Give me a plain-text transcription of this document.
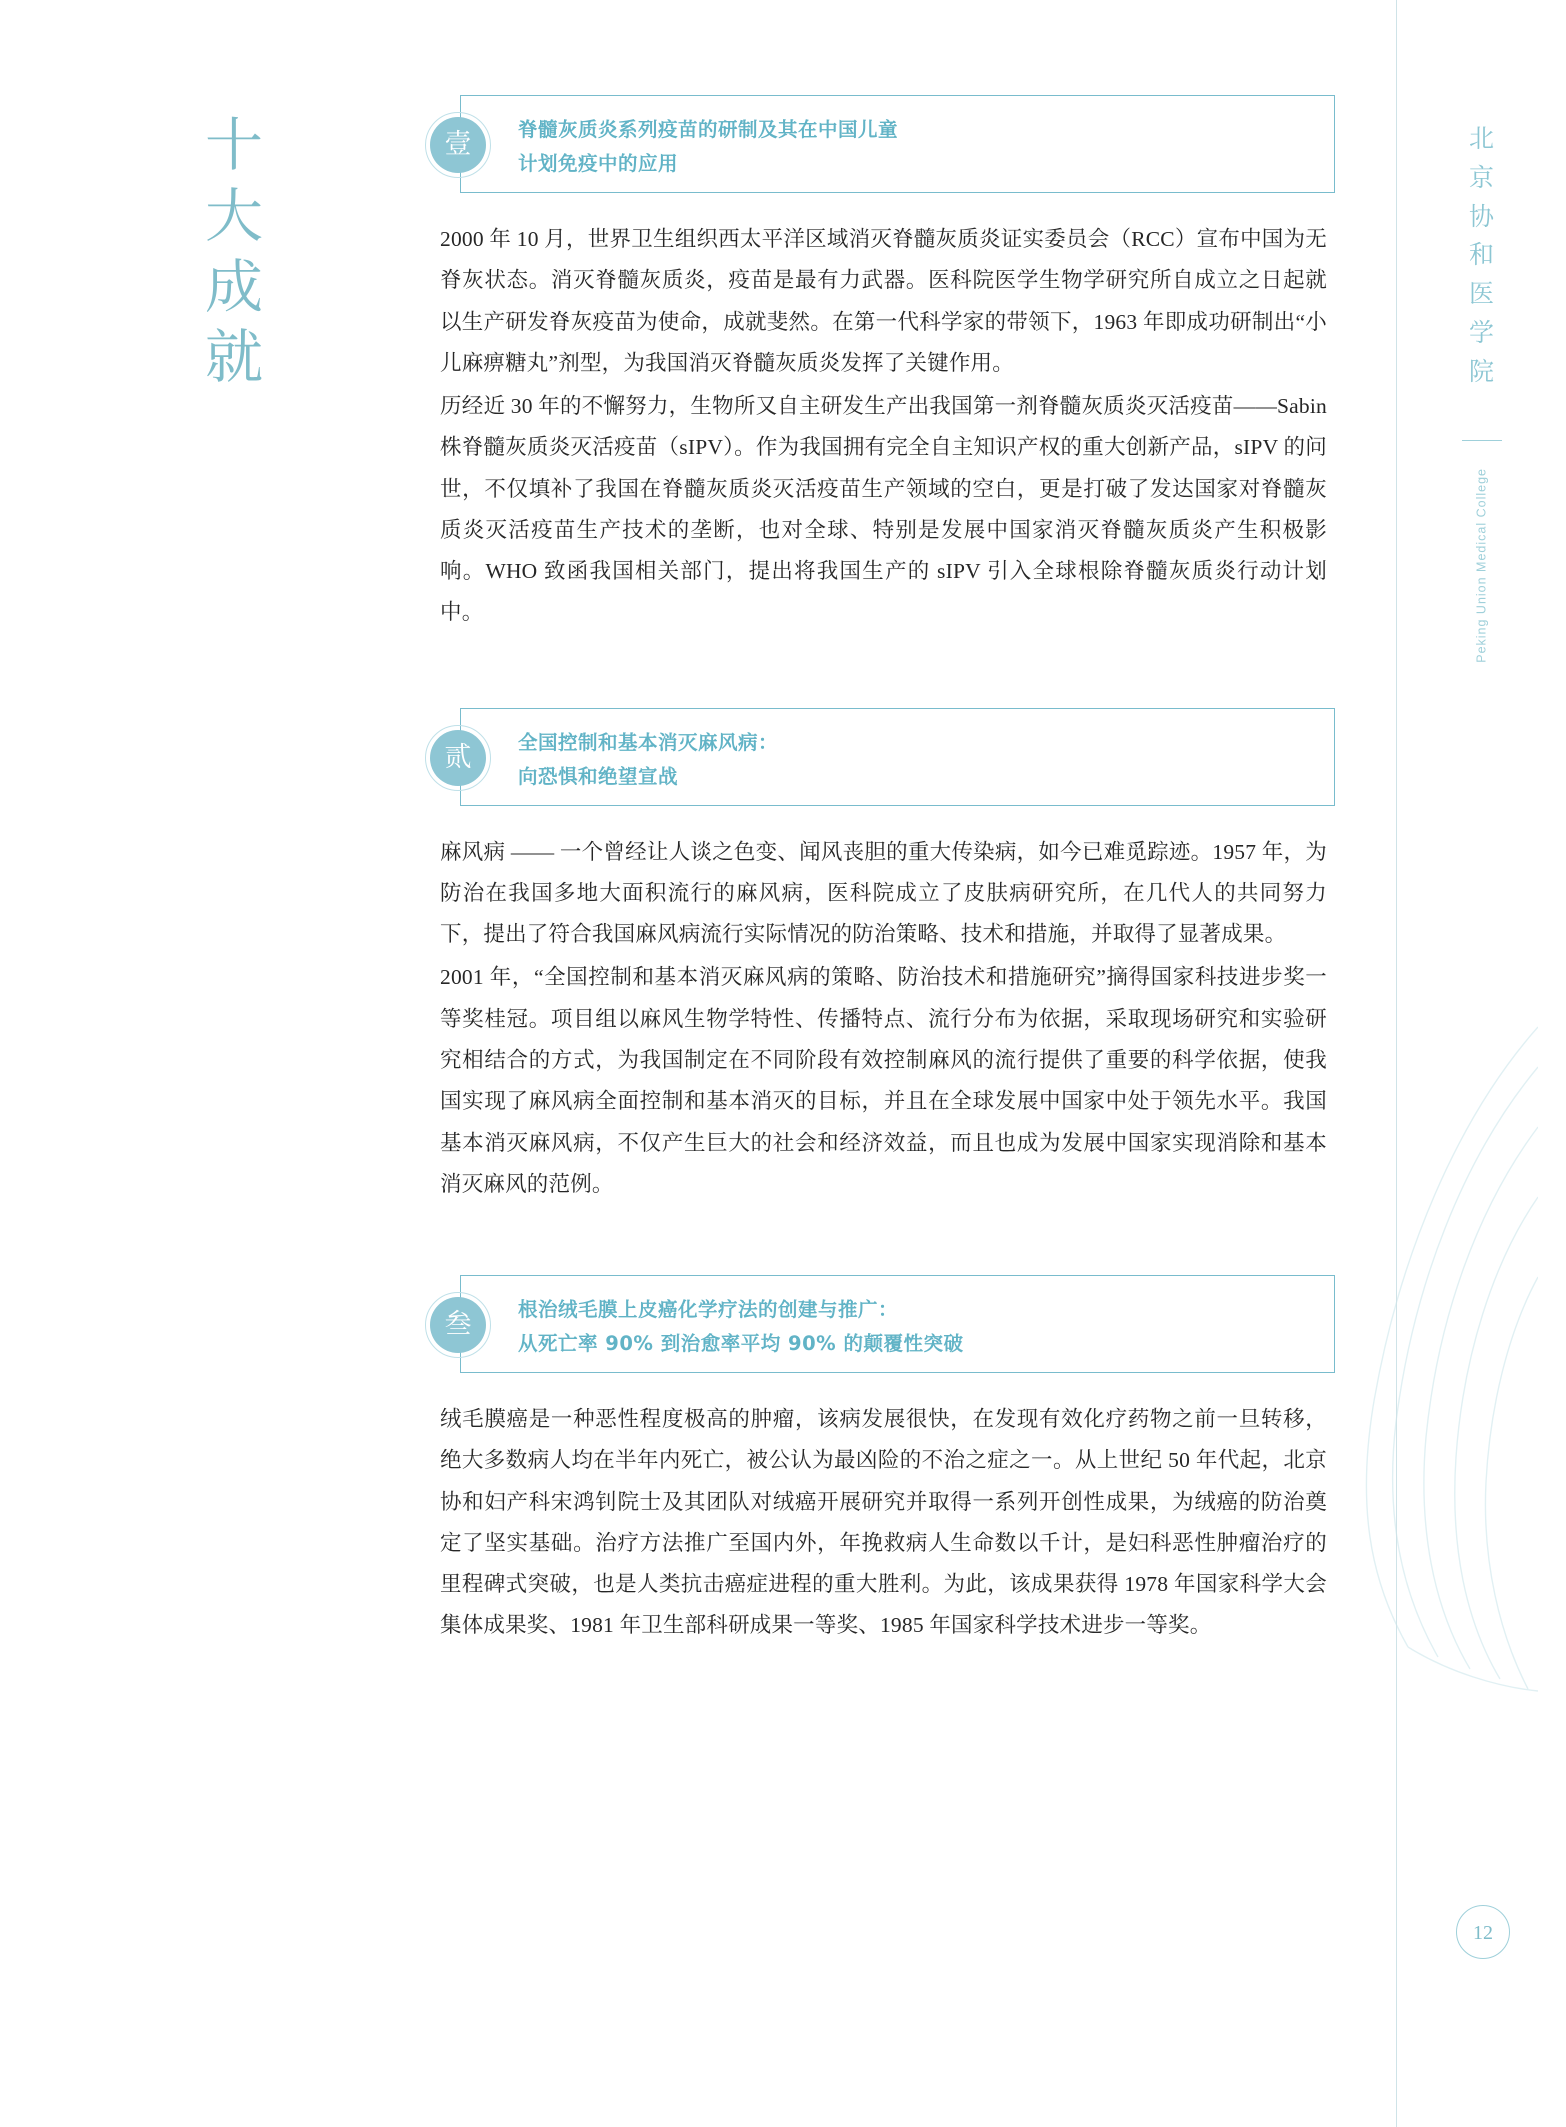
十
大
成
就
壹	脊髓灰质炎系列疫苗的研制及其在中国儿童
计划免疫中的应用

2000 年 10 月，世界卫生组织西太平洋区域消灭脊髓灰质炎证实委员会（RCC）宣布中国为无脊灰状态。消灭脊髓灰质炎，疫苗是最有力武器。医科院医学生物学研究所自成立之日起就以生产研发脊灰疫苗为使命，成就斐然。在第一代科学家的带领下，1963 年即成功研制出“小儿麻痹糖丸”剂型，为我国消灭脊髓灰质炎发挥了关键作用。

历经近 30 年的不懈努力，生物所又自主研发生产出我国第一剂脊髓灰质炎灭活疫苗——Sabin 株脊髓灰质炎灭活疫苗（sIPV）。作为我国拥有完全自主知识产权的重大创新产品，sIPV 的问世，不仅填补了我国在脊髓灰质炎灭活疫苗生产领域的空白，更是打破了发达国家对脊髓灰质炎灭活疫苗生产技术的垄断，也对全球、特别是发展中国家消灭脊髓灰质炎产生积极影响。WHO 致函我国相关部门，提出将我国生产的 sIPV 引入全球根除脊髓灰质炎行动计划中。

贰	全国控制和基本消灭麻风病：
向恐惧和绝望宣战

麻风病 —— 一个曾经让人谈之色变、闻风丧胆的重大传染病，如今已难觅踪迹。1957 年，为防治在我国多地大面积流行的麻风病，医科院成立了皮肤病研究所，在几代人的共同努力下，提出了符合我国麻风病流行实际情况的防治策略、技术和措施，并取得了显著成果。

2001 年，“全国控制和基本消灭麻风病的策略、防治技术和措施研究”摘得国家科技进步奖一等奖桂冠。项目组以麻风生物学特性、传播特点、流行分布为依据，采取现场研究和实验研究相结合的方式，为我国制定在不同阶段有效控制麻风的流行提供了重要的科学依据，使我国实现了麻风病全面控制和基本消灭的目标，并且在全球发展中国家中处于领先水平。我国基本消灭麻风病，不仅产生巨大的社会和经济效益，而且也成为发展中国家实现消除和基本消灭麻风的范例。

叁	根治绒毛膜上皮癌化学疗法的创建与推广：
从死亡率 90% 到治愈率平均 90% 的颠覆性突破

绒毛膜癌是一种恶性程度极高的肿瘤，该病发展很快，在发现有效化疗药物之前一旦转移，绝大多数病人均在半年内死亡，被公认为最凶险的不治之症之一。从上世纪 50 年代起，北京协和妇产科宋鸿钊院士及其团队对绒癌开展研究并取得一系列开创性成果，为绒癌的防治奠定了坚实基础。治疗方法推广至国内外，年挽救病人生命数以千计，是妇科恶性肿瘤治疗的里程碑式突破，也是人类抗击癌症进程的重大胜利。为此，该成果获得 1978 年国家科学大会集体成果奖、1981 年卫生部科研成果一等奖、1985 年国家科学技术进步一等奖。

北
京
协
和
医
学
院
Peking Union Medical College
12
